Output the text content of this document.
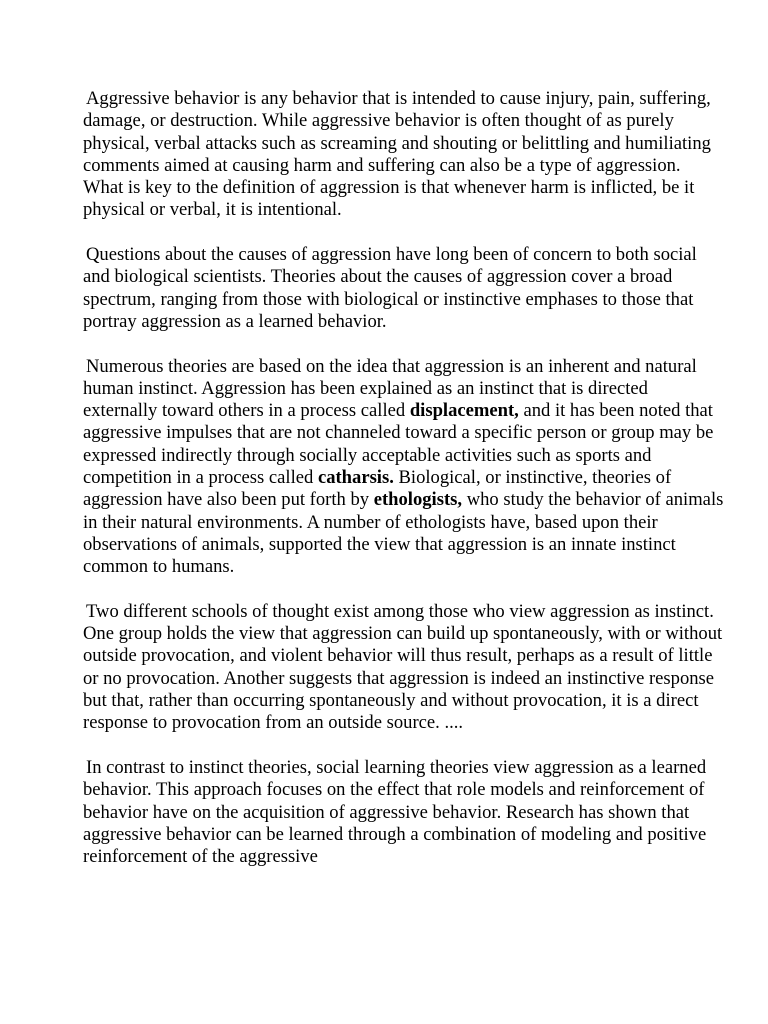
Aggressive behavior is any behavior that is intended to cause injury, pain, suffering, damage, or destruction. While aggressive behavior is often thought of as purely physical, verbal attacks such as screaming and shouting or belittling and humiliating comments aimed at causing harm and suffering can also be a type of aggression. What is key to the definition of aggression is that whenever harm is inflicted, be it physical or verbal, it is intentional.

Questions about the causes of aggression have long been of concern to both social and biological scientists. Theories about the causes of aggression cover a broad spectrum, ranging from those with biological or instinctive emphases to those that portray aggression as a learned behavior.

Numerous theories are based on the idea that aggression is an inherent and natural human instinct. Aggression has been explained as an instinct that is directed externally toward others in a process called displacement, and it has been noted that aggressive impulses that are not channeled toward a specific person or group may be expressed indirectly through socially acceptable activities such as sports and competition in a process called catharsis. Biological, or instinctive, theories of aggression have also been put forth by ethologists, who study the behavior of animals in their natural environments. A number of ethologists have, based upon their observations of animals, supported the view that aggression is an innate instinct common to humans.

Two different schools of thought exist among those who view aggression as instinct. One group holds the view that aggression can build up spontaneously, with or without outside provocation, and violent behavior will thus result, perhaps as a result of little or no provocation. Another suggests that aggression is indeed an instinctive response but that, rather than occurring spontaneously and without provocation, it is a direct response to provocation from an outside source. ....

In contrast to instinct theories, social learning theories view aggression as a learned behavior. This approach focuses on the effect that role models and reinforcement of behavior have on the acquisition of aggressive behavior. Research has shown that aggressive behavior can be learned through a combination of modeling and positive reinforcement of the aggressive
